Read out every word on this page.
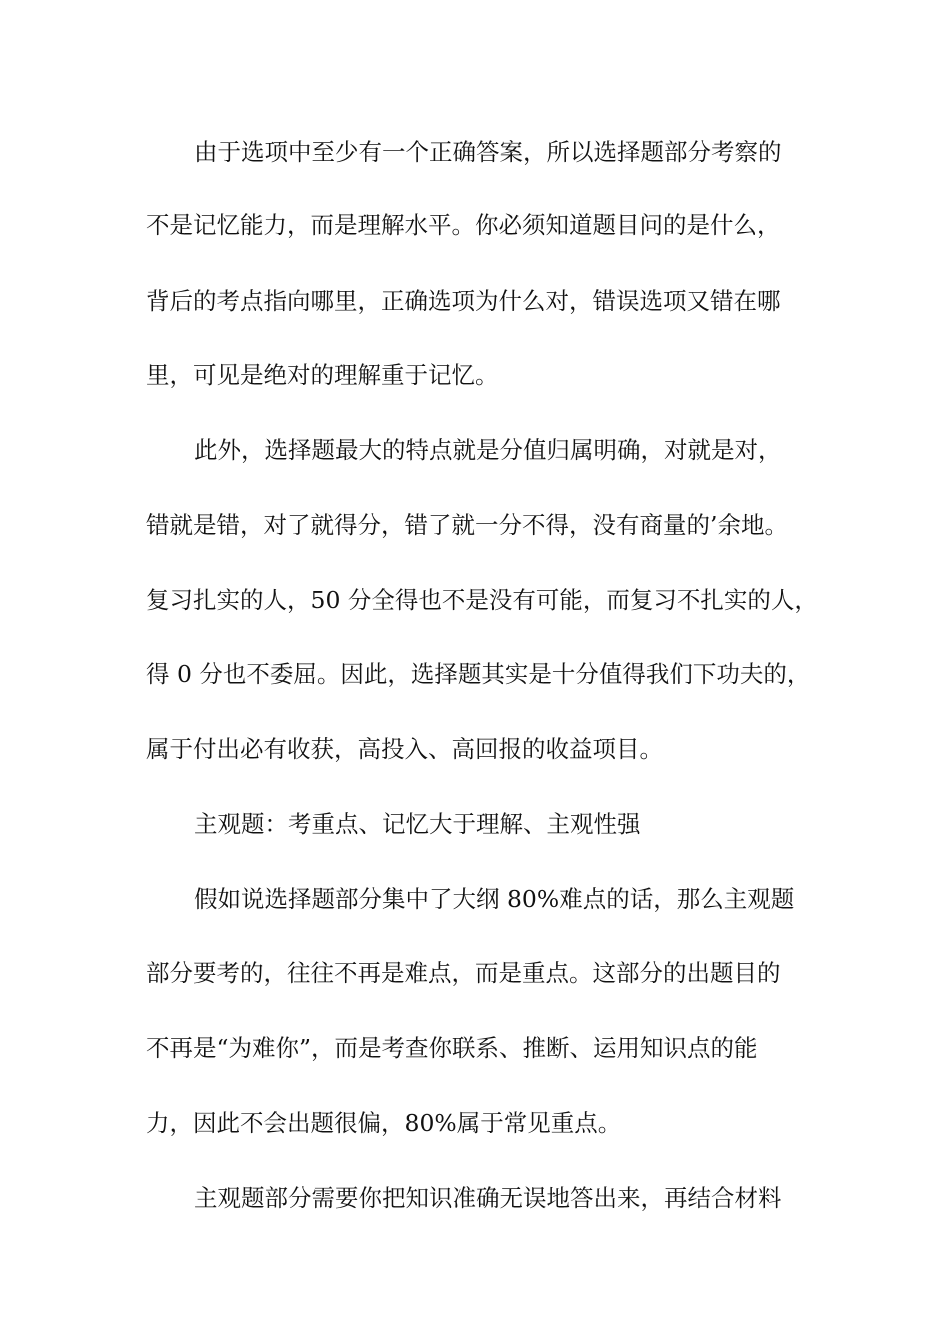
由于选项中至少有一个正确答案，所以选择题部分考察的

不是记忆能力，而是理解水平。你必须知道题目问的是什么，

背后的考点指向哪里，正确选项为什么对，错误选项又错在哪

里，可见是绝对的理解重于记忆。

此外，选择题最大的特点就是分值归属明确，对就是对，

错就是错，对了就得分，错了就一分不得，没有商量的’余地。

复习扎实的人，50 分全得也不是没有可能，而复习不扎实的人，

得 0 分也不委屈。因此，选择题其实是十分值得我们下功夫的，

属于付出必有收获，高投入、高回报的收益项目。

主观题：考重点、记忆大于理解、主观性强

假如说选择题部分集中了大纲 80%难点的话，那么主观题

部分要考的，往往不再是难点，而是重点。这部分的出题目的

不再是“为难你”，而是考查你联系、推断、运用知识点的能

力，因此不会出题很偏，80%属于常见重点。

主观题部分需要你把知识准确无误地答出来，再结合材料
